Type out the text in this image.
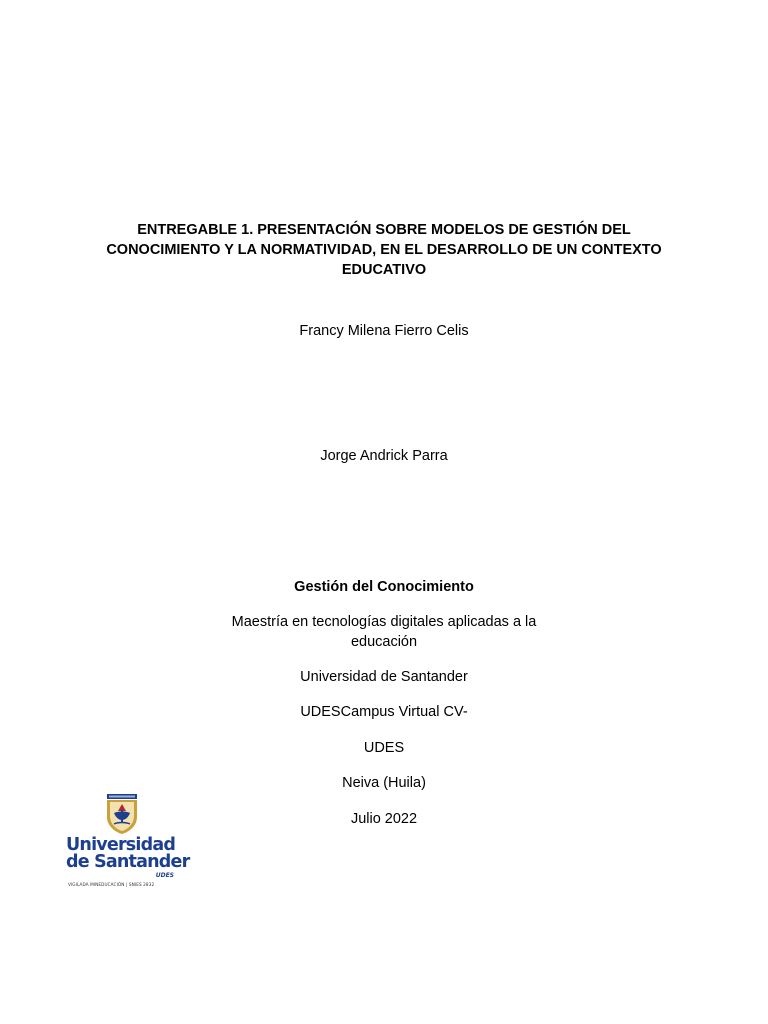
ENTREGABLE 1. PRESENTACIÓN SOBRE MODELOS DE GESTIÓN DEL
CONOCIMIENTO Y LA NORMATIVIDAD, EN EL DESARROLLO DE UN CONTEXTO
EDUCATIVO
Francy Milena Fierro Celis
Jorge Andrick Parra
Gestión del Conocimiento
Maestría en tecnologías digitales aplicadas a la
educación
Universidad de Santander
UDESCampus Virtual CV-
UDES
Neiva (Huila)
Julio 2022
Universidad
de Santander
UDES
VIGILADA MINEDUCACIÓN | SNIES 2832
